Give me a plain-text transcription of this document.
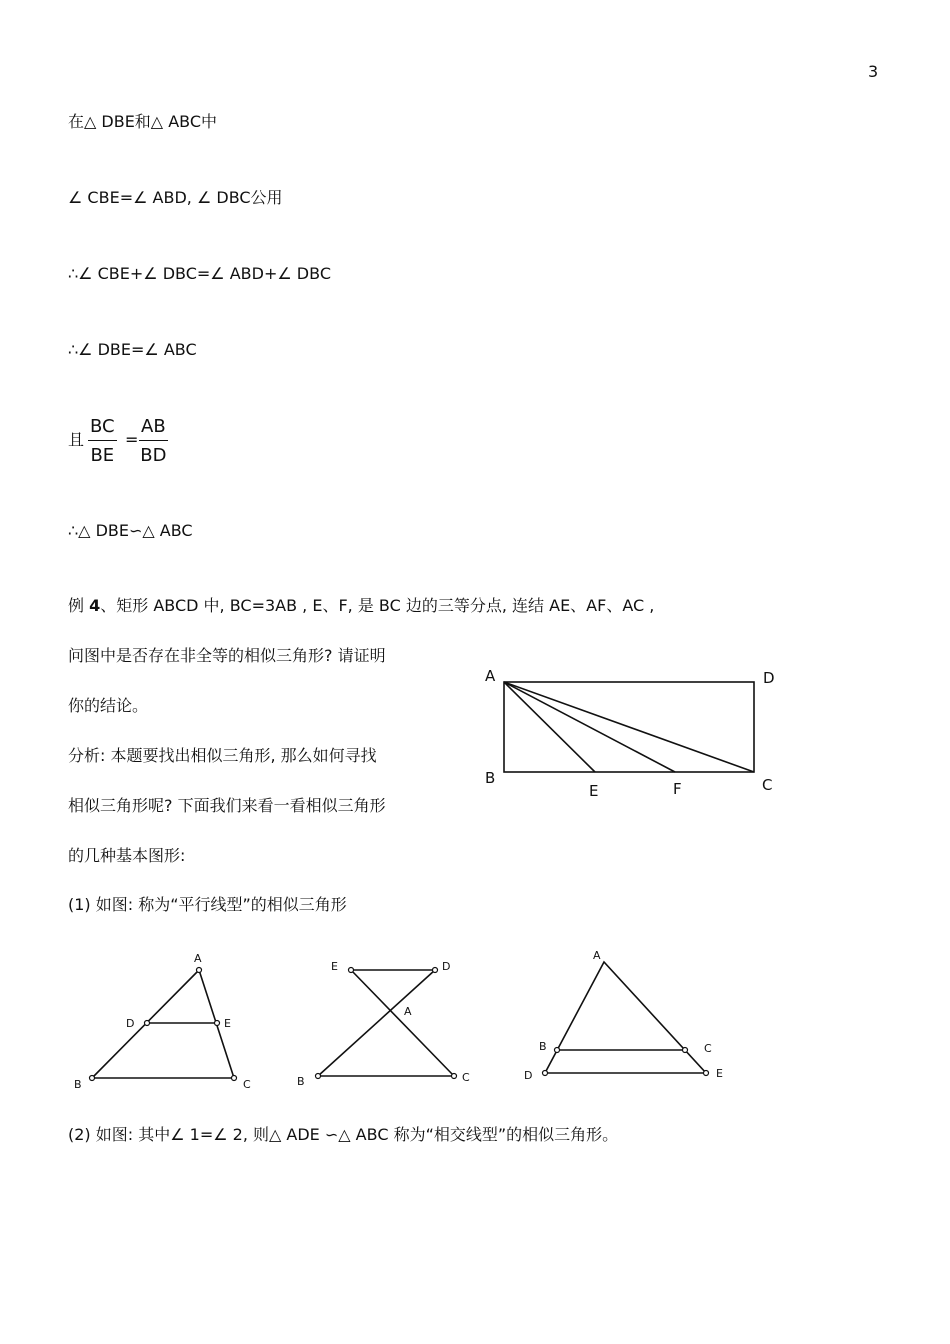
3
在△ DBE和△ ABC中
∠ CBE=∠ ABD, ∠ DBC公用
∴∠ CBE+∠ DBC=∠ ABD+∠ DBC
∴∠ DBE=∠ ABC
且 $\frac{BC}{BE} = \frac{AB}{BD}$
∴△ DBE∽△ ABC
例 4、矩形 ABCD 中, BC=3AB , E、F, 是 BC 边的三等分点, 连结 AE、AF、AC ,
问图中是否存在非全等的相似三角形? 请证明
你的结论。
分析: 本题要找出相似三角形, 那么如何寻找
相似三角形呢? 下面我们来看一看相似三角形
的几种基本图形:
(1) 如图: 称为“平行线型”的相似三角形
A	D
B	C
E	F
A
D	E
B	C
E	D
A
B	C
A
B	C
D	E
(2) 如图: 其中∠ 1=∠ 2, 则△ ADE ∽△ ABC 称为“相交线型”的相似三角形。
